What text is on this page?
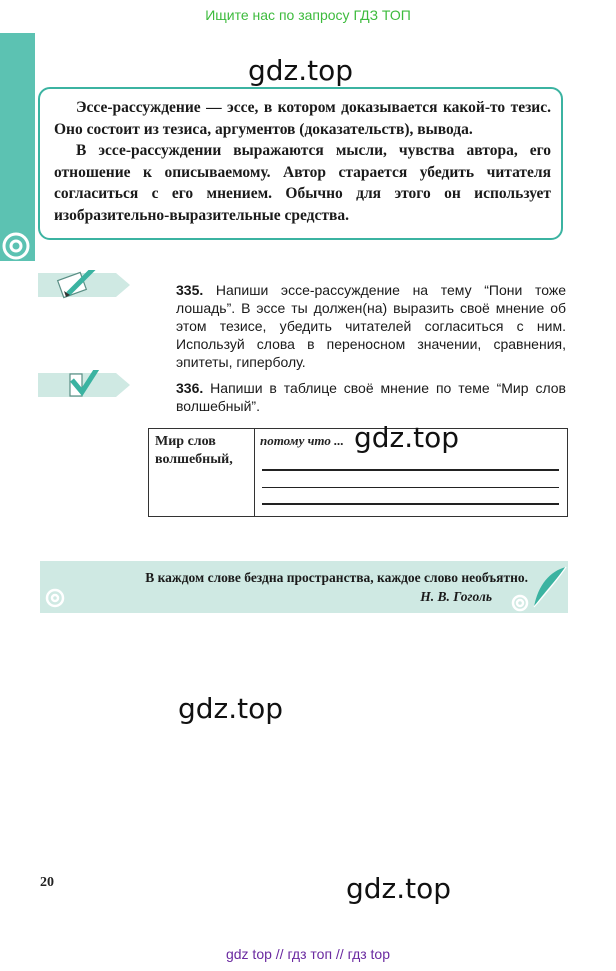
Ищите нас по запросу ГДЗ ТОП
gdz.top

Эссе-рассуждение — эссе, в котором доказывается какой-то тезис. Оно состоит из тезиса, аргументов (доказательств), вывода.

В эссе-рассуждении выражаются мысли, чувства автора, его отношение к описываемому. Автор старается убедить читателя согласиться с его мнением. Обычно для этого он использует изобразительно-выразительные средства.

335. Напиши эссе-рассуждение на тему “Пони тоже лошадь”. В эссе ты должен(на) выразить своё мнение об этом тезисе, убедить читателей согласиться с ним. Используй слова в переносном значении, сравнения, эпитеты, гиперболу.
336. Напиши в таблице своё мнение по теме “Мир слов волшебный”.
Мир слов волшебный,
потому что ... gdz.top
В каждом слове бездна пространства, каждое слово необъятно.
Н. В. Гоголь
gdz.top
gdz.top
20
gdz top // гдз топ // гдз top
